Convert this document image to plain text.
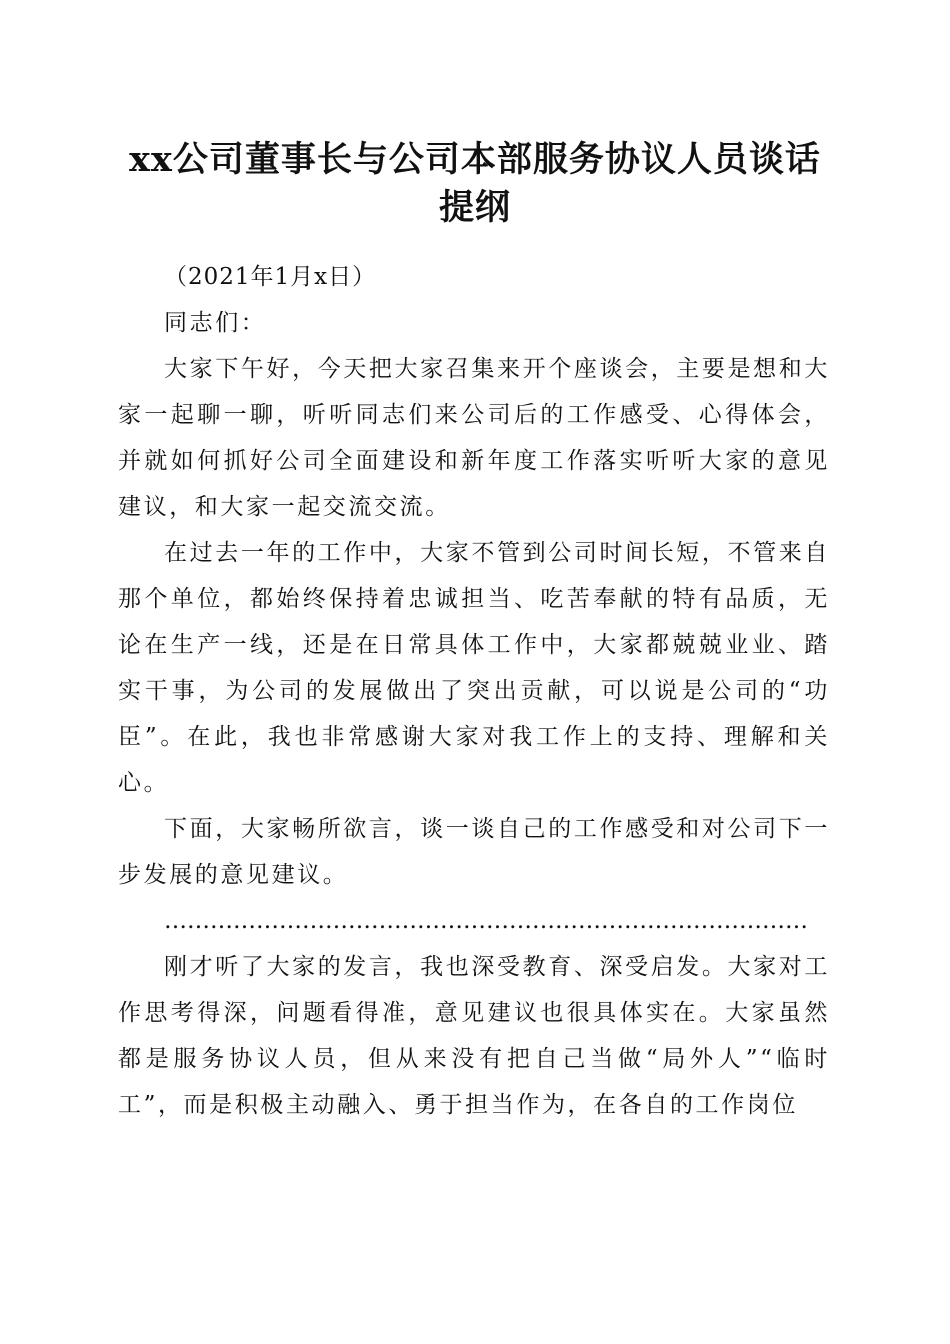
xx公司董事长与公司本部服务协议人员谈话
提纲

（2021年1月x日）

同志们：

大家下午好，今天把大家召集来开个座谈会，主要是想和大家一起聊一聊，听听同志们来公司后的工作感受、心得体会，并就如何抓好公司全面建设和新年度工作落实听听大家的意见建议，和大家一起交流交流。

在过去一年的工作中，大家不管到公司时间长短，不管来自那个单位，都始终保持着忠诚担当、吃苦奉献的特有品质，无论在生产一线，还是在日常具体工作中，大家都兢兢业业、踏实干事，为公司的发展做出了突出贡献，可以说是公司的“功臣”。在此，我也非常感谢大家对我工作上的支持、理解和关心。

下面，大家畅所欲言，谈一谈自己的工作感受和对公司下一步发展的意见建议。

…………………………………………………………………………

刚才听了大家的发言，我也深受教育、深受启发。大家对工作思考得深，问题看得准，意见建议也很具体实在。大家虽然都是服务协议人员，但从来没有把自己当做“局外人”“临时工”，而是积极主动融入、勇于担当作为，在各自的工作岗位
